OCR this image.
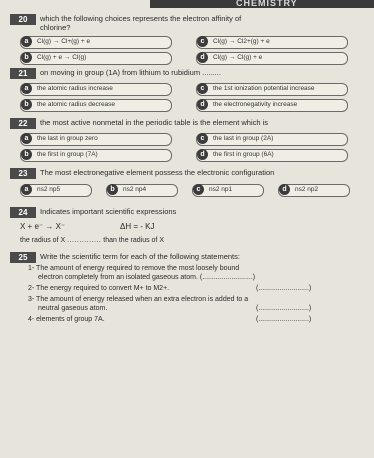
CHEMISTRY
20	which the following choices represents the electron affinity of
chlorine?
a	Cl(g) → Cl+(g) + e	c	Cl(g) → Cl2+(g) + e
b	Cl(g) + e → Cl(g)	d	Cl(g) → Cl(g) + e
21	on moving in group (1A) from lithium to rubidium .........
a	the atomic radius increase	c	the 1st ionization potential increase
b	the atomic radius decrease	d	the electronegativity increase
22	the most active nonmetal in the periodic table is the element which is
a	the last in group zero	c	the last in group (2A)
b	the first in group (7A)	d	the first in group (6A)
23	The most electronegative element possess the electronic configuration
a	ns2 np5	b	ns2 np4	c	ns2 np1	d	ns2 np2
24	Indicates important scientific expressions
X + e⁻ → X⁻	ΔH = - KJ
the radius of X .............. than the radius of X
25	Write the scientific term for each of the following statements:
1- The amount of energy required to remove the most loosely bound
electron completely from an isolated gaseous atom. (..........................)
2- The energy required to convert M+ to M2+.	(..........................)
3- The amount of energy released when an extra electron is added to a
neutral gaseous atom.	(..........................)
4- elements of group 7A.	(..........................)
